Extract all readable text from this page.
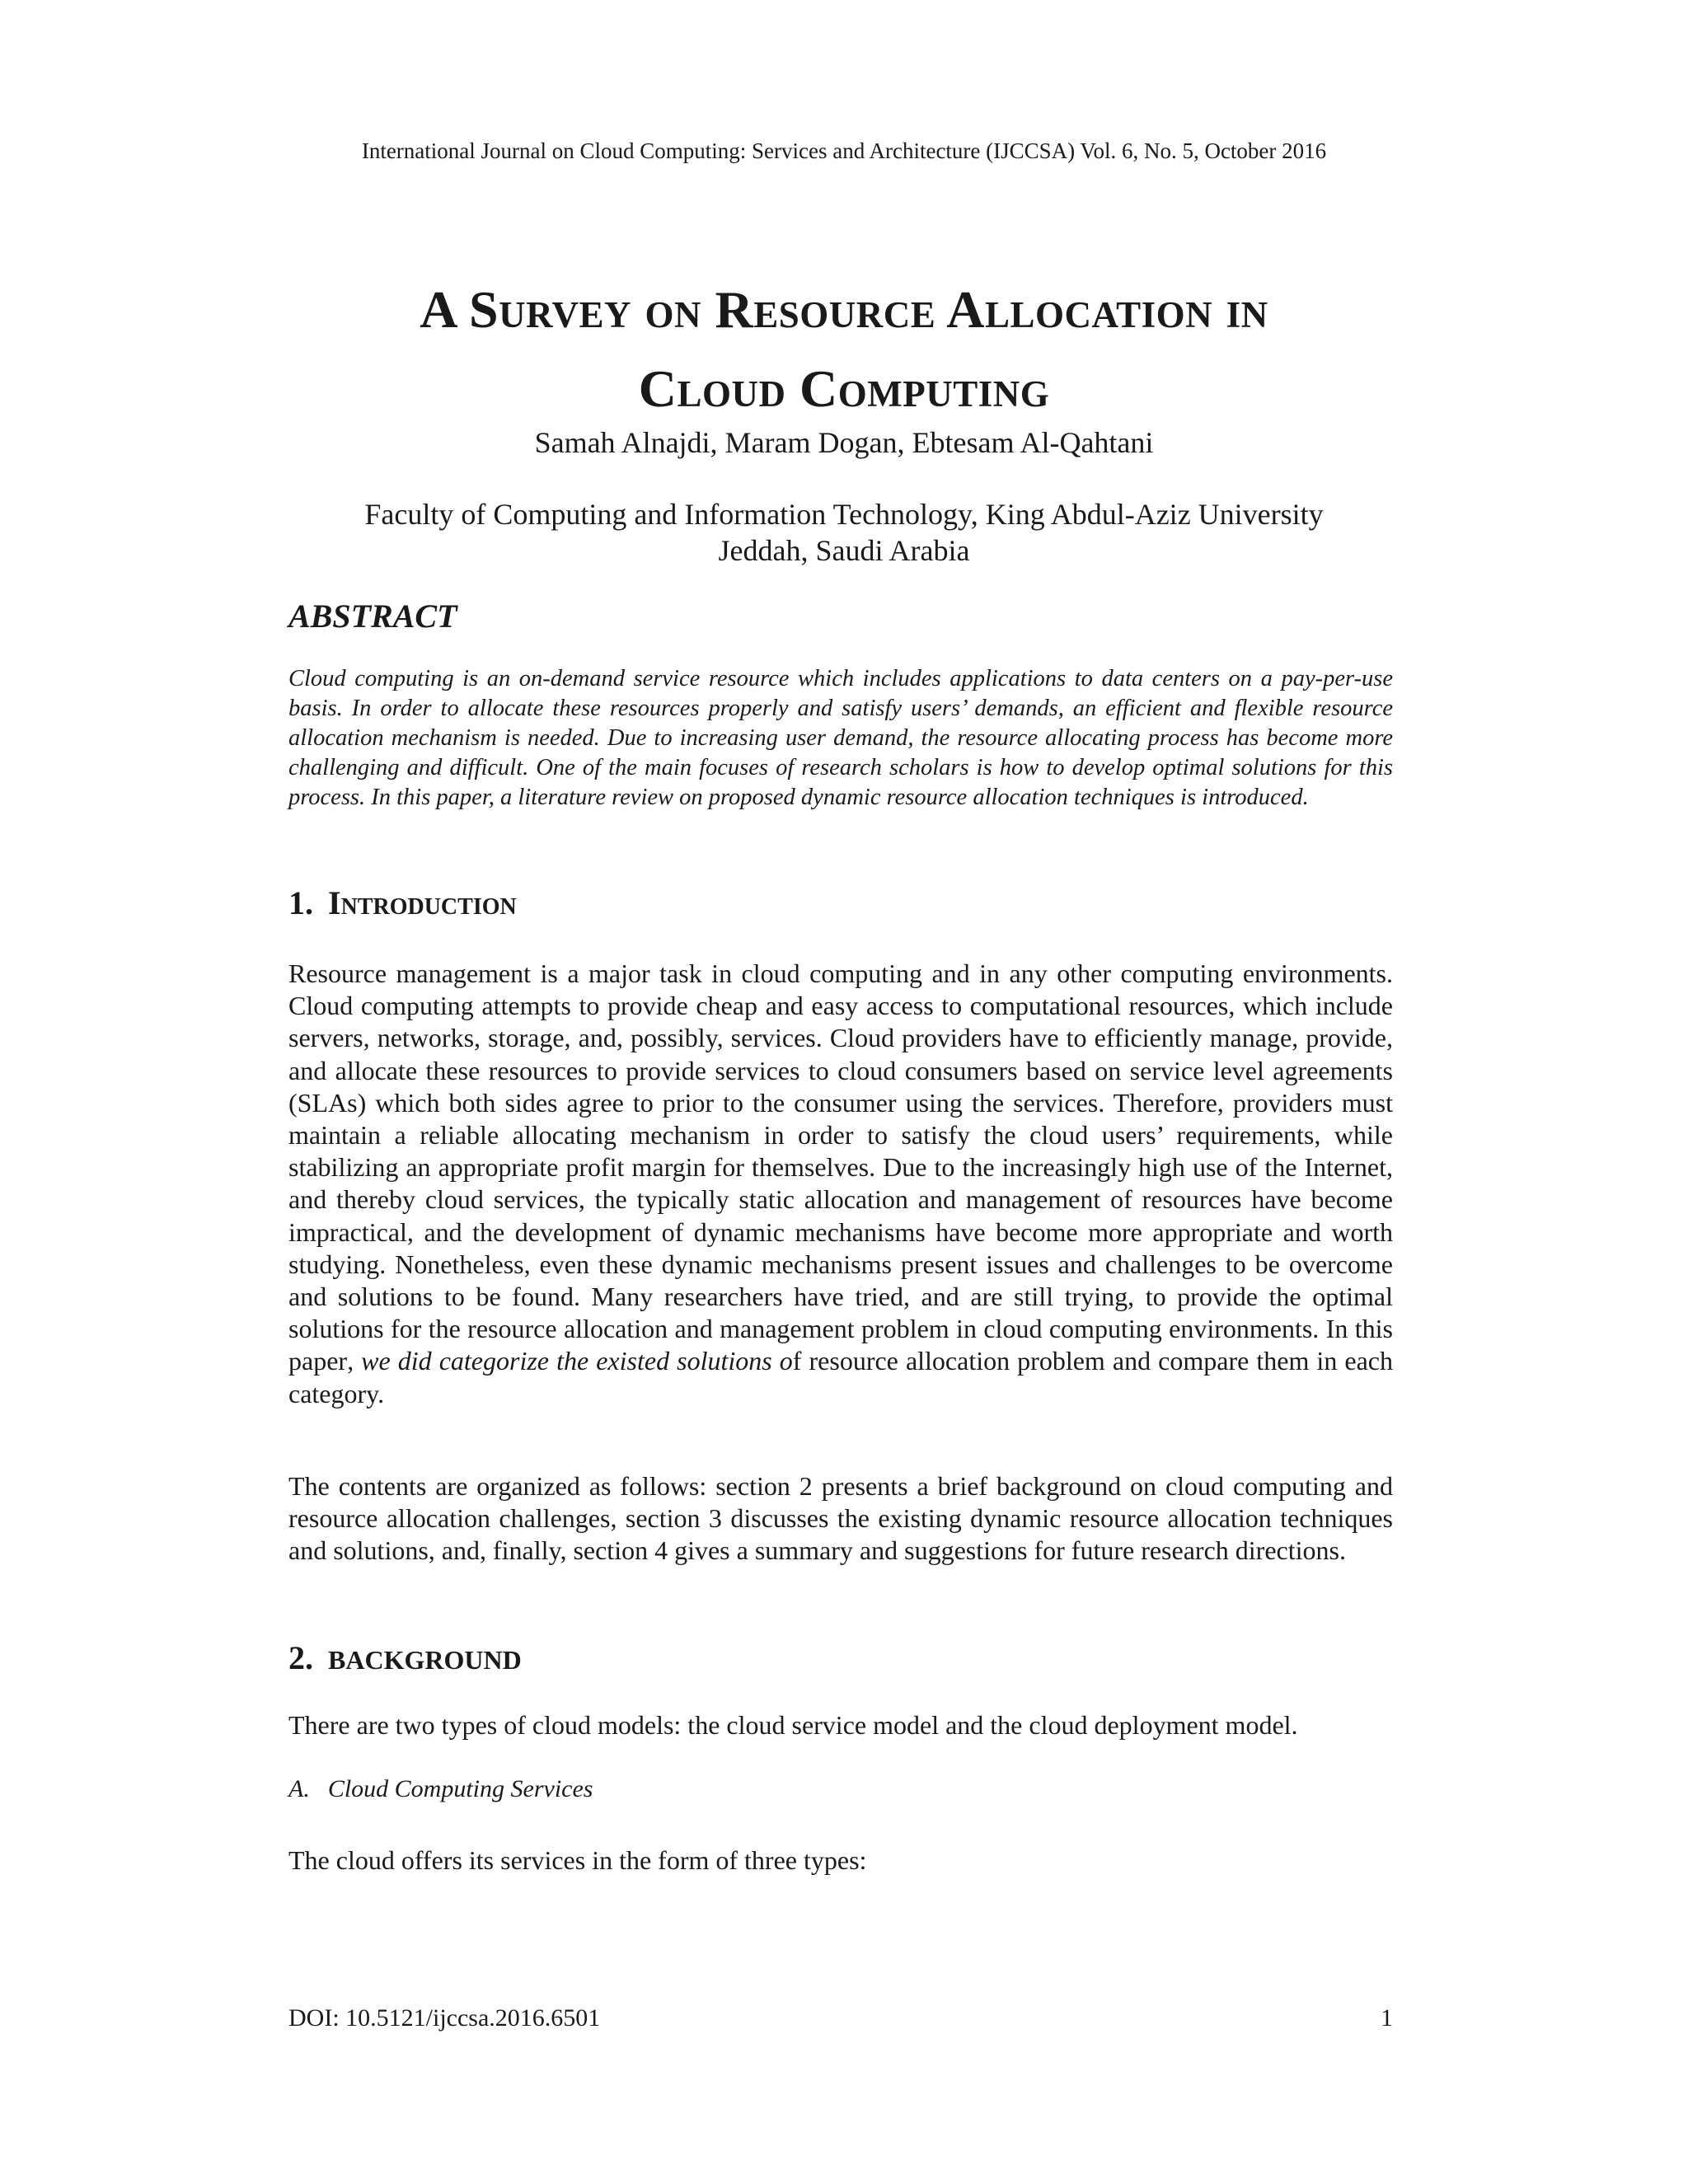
International Journal on Cloud Computing: Services and Architecture (IJCCSA) Vol. 6, No. 5, October 2016
A Survey on Resource Allocation in
Cloud Computing
Samah Alnajdi, Maram Dogan, Ebtesam Al-Qahtani
Faculty of Computing and Information Technology, King Abdul-Aziz University
Jeddah, Saudi Arabia
ABSTRACT
Cloud computing is an on-demand service resource which includes applications to data centers on a pay-per-use basis. In order to allocate these resources properly and satisfy users’ demands, an efficient and flexible resource allocation mechanism is needed. Due to increasing user demand, the resource allocating process has become more challenging and difficult. One of the main focuses of research scholars is how to develop optimal solutions for this process. In this paper, a literature review on proposed dynamic resource allocation techniques is introduced.
1. Introduction
Resource management is a major task in cloud computing and in any other computing environments. Cloud computing attempts to provide cheap and easy access to computational resources, which include servers, networks, storage, and, possibly, services. Cloud providers have to efficiently manage, provide, and allocate these resources to provide services to cloud consumers based on service level agreements (SLAs) which both sides agree to prior to the consumer using the services. Therefore, providers must maintain a reliable allocating mechanism in order to satisfy the cloud users’ requirements, while stabilizing an appropriate profit margin for themselves. Due to the increasingly high use of the Internet, and thereby cloud services, the typically static allocation and management of resources have become impractical, and the development of dynamic mechanisms have become more appropriate and worth studying. Nonetheless, even these dynamic mechanisms present issues and challenges to be overcome and solutions to be found. Many researchers have tried, and are still trying, to provide the optimal solutions for the resource allocation and management problem in cloud computing environments. In this paper, we did categorize the existed solutions of resource allocation problem and compare them in each category.
The contents are organized as follows: section 2 presents a brief background on cloud computing and resource allocation challenges, section 3 discusses the existing dynamic resource allocation techniques and solutions, and, finally, section 4 gives a summary and suggestions for future research directions.
2. BACKGROUND
There are two types of cloud models: the cloud service model and the cloud deployment model.
A. Cloud Computing Services
The cloud offers its services in the form of three types:
DOI: 10.5121/ijccsa.2016.6501	1
